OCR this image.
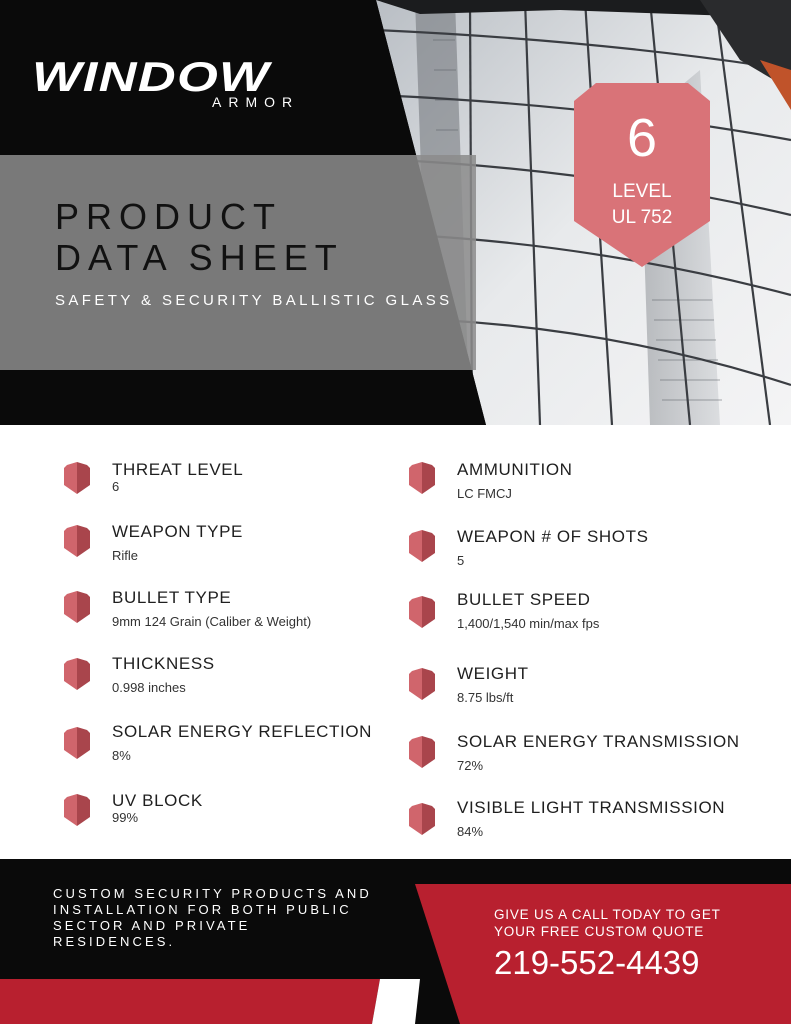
WINDOW
ARMOR
PRODUCT
DATA SHEET
SAFETY & SECURITY BALLISTIC GLASS
6
LEVEL
UL 752
THREAT LEVEL
6
AMMUNITION
LC FMCJ
WEAPON TYPE
Rifle
WEAPON # OF SHOTS
5
BULLET TYPE
9mm 124 Grain (Caliber & Weight)
BULLET SPEED
1,400/1,540 min/max fps
THICKNESS
0.998 inches
WEIGHT
8.75 lbs/ft
SOLAR ENERGY REFLECTION
8%
SOLAR ENERGY TRANSMISSION
72%
UV BLOCK
99%
VISIBLE LIGHT TRANSMISSION
84%
CUSTOM SECURITY PRODUCTS AND INSTALLATION FOR BOTH PUBLIC SECTOR AND PRIVATE RESIDENCES.
GIVE US A CALL TODAY TO GET
YOUR FREE CUSTOM QUOTE
219-552-4439
